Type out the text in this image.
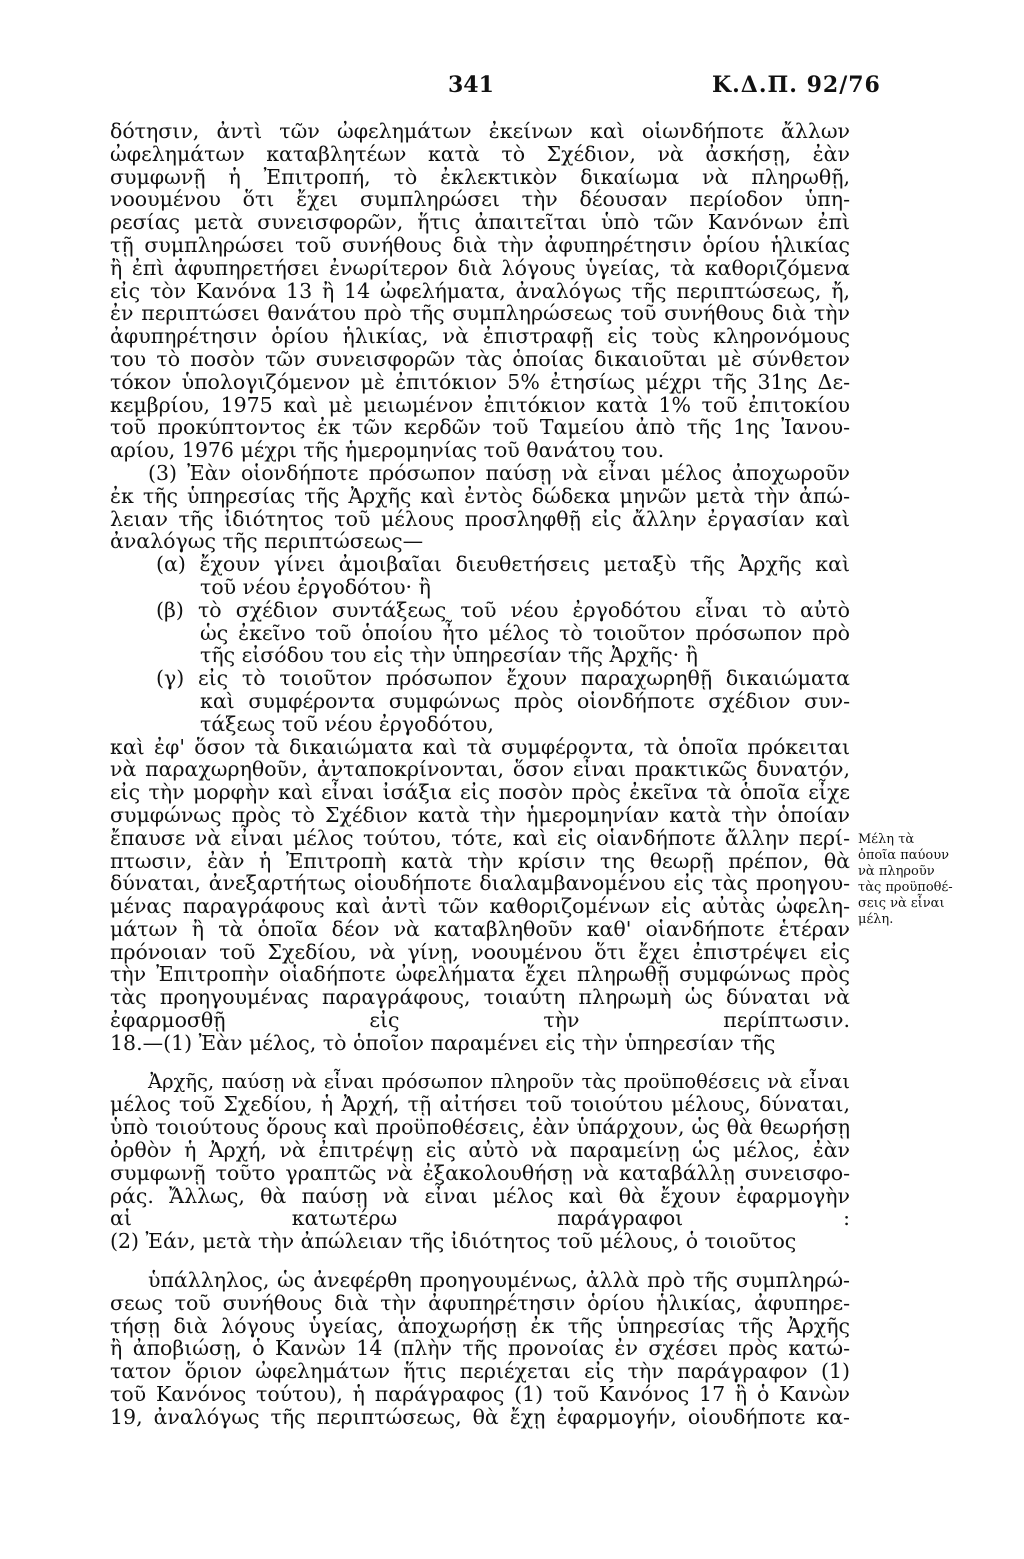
341	Κ.Δ.Π. 92/76
δότησιν, ἀντὶ τῶν ὠφελημάτων ἐκείνων καὶ οἱωνδήποτε ἄλλων
ὠφελημάτων καταβλητέων κατὰ τὸ Σχέδιον, νὰ ἀσκήσῃ, ἐὰν
συμφωνῇ ἡ Ἐπιτροπή, τὸ ἐκλεκτικὸν δικαίωμα νὰ πληρωθῇ,
νοουμένου ὅτι ἔχει συμπληρώσει τὴν δέουσαν περίοδον ὑπη-
ρεσίας μετὰ συνεισφορῶν, ἥτις ἀπαιτεῖται ὑπὸ τῶν Κανόνων ἐπὶ
τῇ συμπληρώσει τοῦ συνήθους διὰ τὴν ἀφυπηρέτησιν ὁρίου ἡλικίας
ἢ ἐπὶ ἀφυπηρετήσει ἐνωρίτερον διὰ λόγους ὑγείας, τὰ καθοριζόμενα
εἰς τὸν Κανόνα 13 ἢ 14 ὠφελήματα, ἀναλόγως τῆς περιπτώσεως, ἤ,
ἐν περιπτώσει θανάτου πρὸ τῆς συμπληρώσεως τοῦ συνήθους διὰ τὴν
ἀφυπηρέτησιν ὁρίου ἡλικίας, νὰ ἐπιστραφῇ εἰς τοὺς κληρονόμους
του τὸ ποσὸν τῶν συνεισφορῶν τὰς ὁποίας δικαιοῦται μὲ σύνθετον
τόκον ὑπολογιζόμενον μὲ ἐπιτόκιον 5% ἐτησίως μέχρι τῆς 31ης Δε-
κεμβρίου, 1975 καὶ μὲ μειωμένον ἐπιτόκιον κατὰ 1% τοῦ ἐπιτοκίου
τοῦ προκύπτοντος ἐκ τῶν κερδῶν τοῦ Ταμείου ἀπὸ τῆς 1ης Ἰανου-
αρίου, 1976 μέχρι τῆς ἡμερομηνίας τοῦ θανάτου του.
(3) Ἐὰν οἱονδήποτε πρόσωπον παύσῃ νὰ εἶναι μέλος ἀποχωροῦν
ἐκ τῆς ὑπηρεσίας τῆς Ἀρχῆς καὶ ἐντὸς δώδεκα μηνῶν μετὰ τὴν ἀπώ-
λειαν τῆς ἰδιότητος τοῦ μέλους προσληφθῇ εἰς ἄλλην ἐργασίαν καὶ
ἀναλόγως τῆς περιπτώσεως—
(α) ἔχουν γίνει ἀμοιβαῖαι διευθετήσεις μεταξὺ τῆς Ἀρχῆς καὶ
τοῦ νέου ἐργοδότου· ἢ
(β) τὸ σχέδιον συντάξεως τοῦ νέου ἐργοδότου εἶναι τὸ αὐτὸ
ὡς ἐκεῖνο τοῦ ὁποίου ἦτο μέλος τὸ τοιοῦτον πρόσωπον πρὸ
τῆς εἰσόδου του εἰς τὴν ὑπηρεσίαν τῆς Ἀρχῆς· ἢ
(γ) εἰς τὸ τοιοῦτον πρόσωπον ἔχουν παραχωρηθῇ δικαιώματα
καὶ συμφέροντα συμφώνως πρὸς οἱονδήποτε σχέδιον συν-
τάξεως τοῦ νέου ἐργοδότου,
καὶ ἐφ' ὅσον τὰ δικαιώματα καὶ τὰ συμφέροντα, τὰ ὁποῖα πρόκειται
νὰ παραχωρηθοῦν, ἀνταποκρίνονται, ὅσον εἶναι πρακτικῶς δυνατόν,
εἰς τὴν μορφὴν καὶ εἶναι ἰσάξια εἰς ποσὸν πρὸς ἐκεῖνα τὰ ὁποῖα εἶχε
συμφώνως πρὸς τὸ Σχέδιον κατὰ τὴν ἡμερομηνίαν κατὰ τὴν ὁποίαν
ἔπαυσε νὰ εἶναι μέλος τούτου, τότε, καὶ εἰς οἱανδήποτε ἄλλην περί-
πτωσιν, ἐὰν ἡ Ἐπιτροπὴ κατὰ τὴν κρίσιν της θεωρῇ πρέπον, θὰ
δύναται, ἀνεξαρτήτως οἱουδήποτε διαλαμβανομένου εἰς τὰς προηγου-
μένας παραγράφους καὶ ἀντὶ τῶν καθοριζομένων εἰς αὐτὰς ὠφελη-
μάτων ἢ τὰ ὁποῖα δέον νὰ καταβληθοῦν καθ' οἱανδήποτε ἑτέραν
πρόνοιαν τοῦ Σχεδίου, νὰ γίνῃ, νοουμένου ὅτι ἔχει ἐπιστρέψει εἰς
τὴν Ἐπιτροπὴν οἱαδήποτε ὠφελήματα ἔχει πληρωθῇ συμφώνως πρὸς
τὰς προηγουμένας παραγράφους, τοιαύτη πληρωμὴ ὡς δύναται νὰ
ἐφαρμοσθῇ εἰς τὴν περίπτωσιν.
18.—(1) Ἐὰν μέλος, τὸ ὁποῖον παραμένει εἰς τὴν ὑπηρεσίαν τῆς
Ἀρχῆς, παύσῃ νὰ εἶναι πρόσωπον πληροῦν τὰς προϋποθέσεις νὰ εἶναι
μέλος τοῦ Σχεδίου, ἡ Ἀρχή, τῇ αἰτήσει τοῦ τοιούτου μέλους, δύναται,
ὑπὸ τοιούτους ὅρους καὶ προϋποθέσεις, ἐὰν ὑπάρχουν, ὡς θὰ θεωρήσῃ
ὀρθὸν ἡ Ἀρχή, νὰ ἐπιτρέψῃ εἰς αὐτὸ νὰ παραμείνῃ ὡς μέλος, ἐὰν
συμφωνῇ τοῦτο γραπτῶς νὰ ἐξακολουθήσῃ νὰ καταβάλλῃ συνεισφο-
ράς. Ἄλλως, θὰ παύσῃ νὰ εἶναι μέλος καὶ θὰ ἔχουν ἐφαρμογὴν
αἱ κατωτέρω παράγραφοι :
(2) Ἐάν, μετὰ τὴν ἀπώλειαν τῆς ἰδιότητος τοῦ μέλους, ὁ τοιοῦτος
ὑπάλληλος, ὡς ἀνεφέρθη προηγουμένως, ἀλλὰ πρὸ τῆς συμπληρώ-
σεως τοῦ συνήθους διὰ τὴν ἀφυπηρέτησιν ὁρίου ἡλικίας, ἀφυπηρε-
τήσῃ διὰ λόγους ὑγείας, ἀποχωρήσῃ ἐκ τῆς ὑπηρεσίας τῆς Ἀρχῆς
ἢ ἀποβιώσῃ, ὁ Κανὼν 14 (πλὴν τῆς προνοίας ἐν σχέσει πρὸς κατώ-
τατον ὅριον ὠφελημάτων ἥτις περιέχεται εἰς τὴν παράγραφον (1)
τοῦ Κανόνος τούτου), ἡ παράγραφος (1) τοῦ Κανόνος 17 ἢ ὁ Κανὼν
19, ἀναλόγως τῆς περιπτώσεως, θὰ ἔχῃ ἐφαρμογήν, οἱουδήποτε κα-
Μέλη τὰ
ὁποῖα παύουν
νὰ πληροῦν
τὰς προϋποθέ-
σεις νὰ εἶναι
μέλη.
